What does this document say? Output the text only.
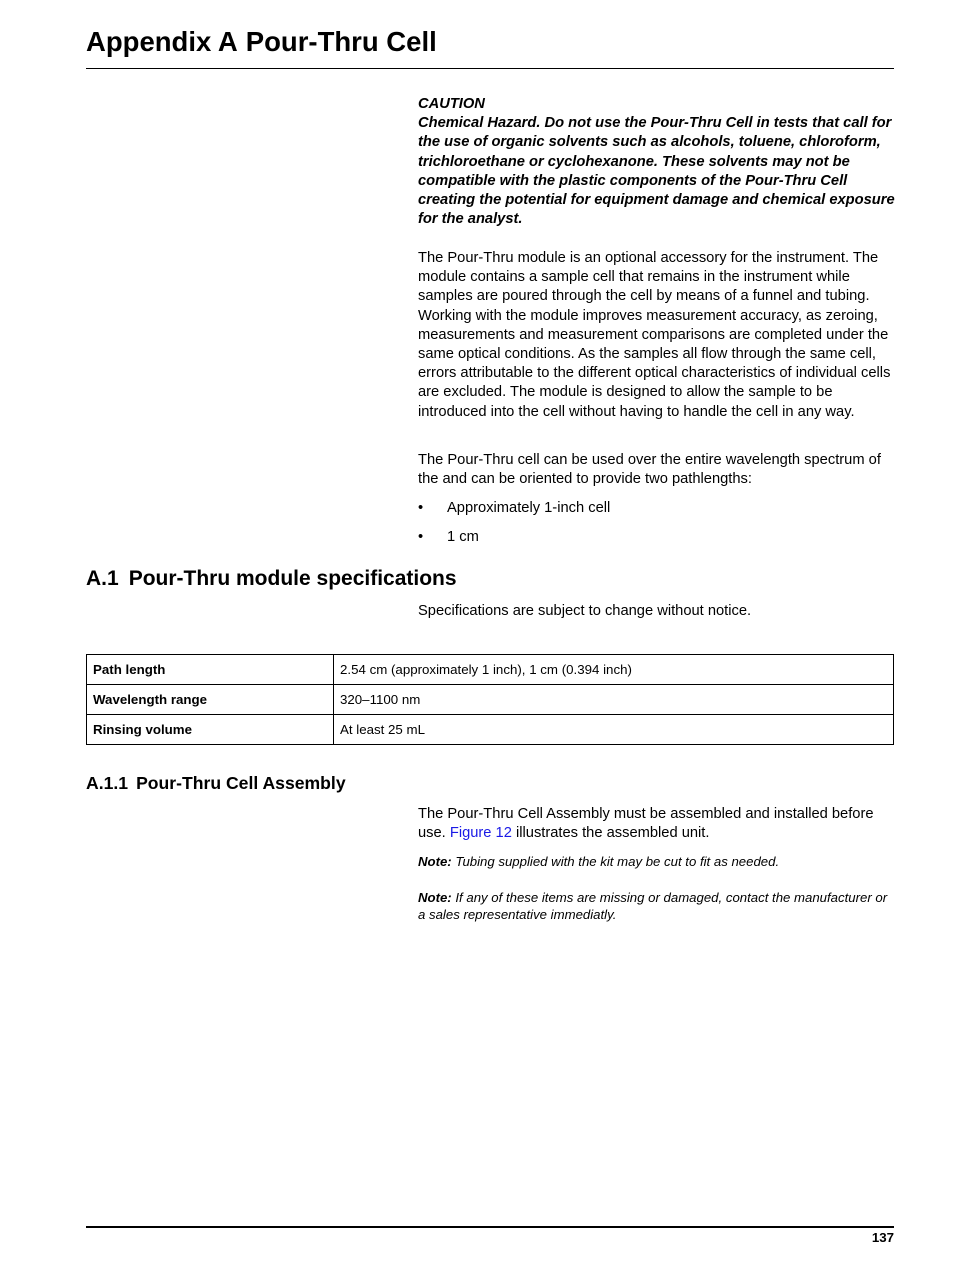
Appendix A Pour-Thru Cell

CAUTION

Chemical Hazard. Do not use the Pour-Thru Cell in tests that call for the use of organic solvents such as alcohols, toluene, chloroform, trichloroethane or cyclohexanone. These solvents may not be compatible with the plastic components of the Pour-Thru Cell creating the potential for equipment damage and chemical exposure for the analyst.

The Pour-Thru module is an optional accessory for the instrument. The module contains a sample cell that remains in the instrument while samples are poured through the cell by means of a funnel and tubing. Working with the module improves measurement accuracy, as zeroing, measurements and measurement comparisons are completed under the same optical conditions. As the samples all flow through the same cell, errors attributable to the different optical characteristics of individual cells are excluded. The module is designed to allow the sample to be introduced into the cell without having to handle the cell in any way.

The Pour-Thru cell can be used over the entire wavelength spectrum of the and can be oriented to provide two pathlengths:

• Approximately 1-inch cell
• 1 cm
A.1 Pour-Thru module specifications

Specifications are subject to change without notice.

Path length	2.54 cm (approximately 1 inch), 1 cm (0.394 inch)
Wavelength range	320–1100 nm
Rinsing volume	At least 25 mL
A.1.1 Pour-Thru Cell Assembly

The Pour-Thru Cell Assembly must be assembled and installed before use. Figure 12 illustrates the assembled unit.

Note: Tubing supplied with the kit may be cut to fit as needed.

Note: If any of these items are missing or damaged, contact the manufacturer or a sales representative immediatly.

137
